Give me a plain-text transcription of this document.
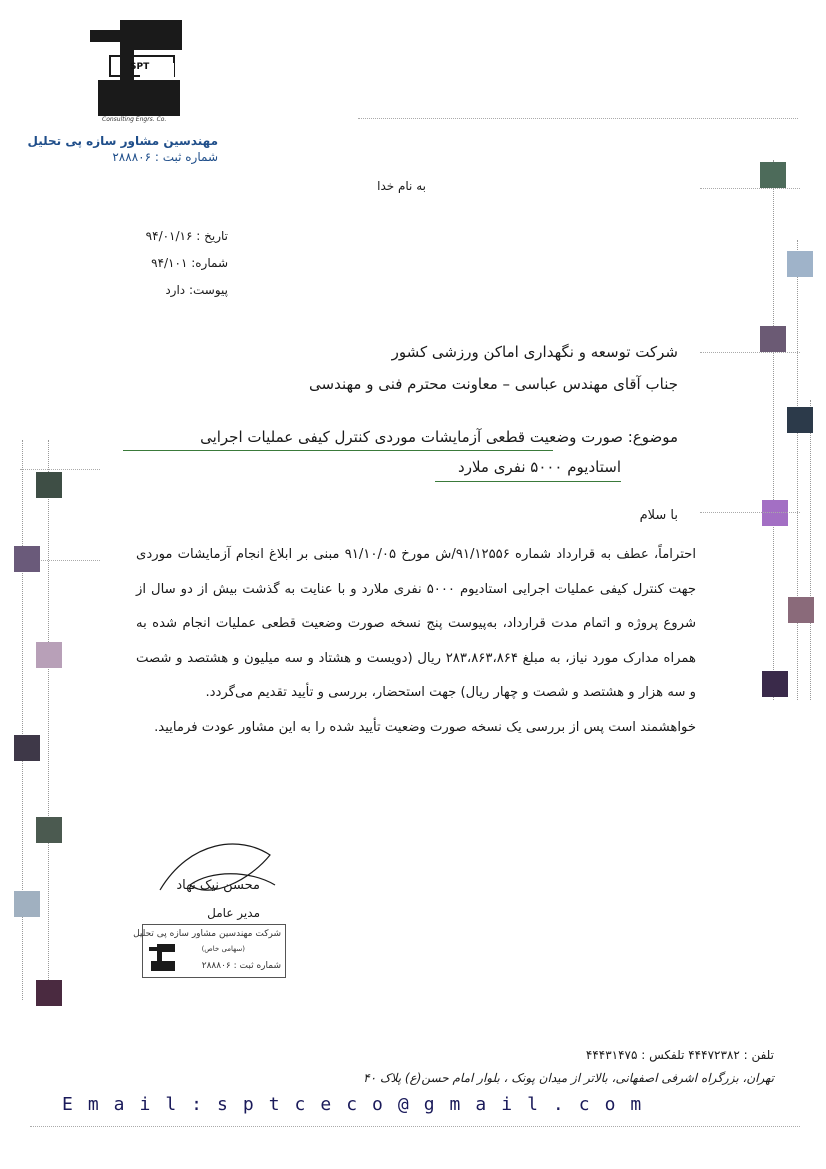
SPT
Consulting Engrs. Co.
مهندسین مشاور سازه پی تحلیل
شماره ثبت : ۲۸۸۸۰۶
به نام خدا
تاریخ : ۹۴/۰۱/۱۶
شماره: ۹۴/۱۰۱
پیوست: دارد
شرکت توسعه و نگهداری اماکن ورزشی کشور
جناب آقای مهندس عباسی – معاونت محترم فنی و مهندسی
موضوع: صورت وضعیت قطعی آزمایشات موردی کنترل کیفی عملیات اجرایی
استادیوم ۵۰۰۰ نفری ملارد
با سلام

احتراماً، عطف به قرارداد شماره ۹۱/۱۲۵۵۶/ش مورخ ۹۱/۱۰/۰۵ مبنی بر ابلاغ انجام آزمایشات موردی جهت کنترل کیفی عملیات اجرایی استادیوم ۵۰۰۰ نفری ملارد و با عنایت به گذشت بیش از دو سال از شروع پروژه و اتمام مدت قرارداد، به‌پیوست پنج نسخه صورت وضعیت قطعی عملیات انجام شده به همراه مدارک مورد نیاز، به مبلغ ۲۸۳،۸۶۳،۸۶۴ ریال (دویست و هشتاد و سه میلیون و هشتصد و شصت و سه هزار و هشتصد و شصت و چهار ریال) جهت استحضار، بررسی و تأیید تقدیم می‌گردد.

خواهشمند است پس از بررسی یک نسخه صورت وضعیت تأیید شده را به این مشاور عودت فرمایید.

محسن نیک نهاد
مدیر عامل
شرکت مهندسین مشاور سازه پی تحلیل
(سهامی خاص)
شماره ثبت : ۲۸۸۸۰۶
تلفن : ۴۴۴۷۲۳۸۲ تلفکس : ۴۴۴۳۱۴۷۵
تهران، بزرگراه اشرفی اصفهانی، بالاتر از میدان پونک ، بلوار امام حسن(ع) پلاک ۴۰
Email:sptceco@gmail.com
